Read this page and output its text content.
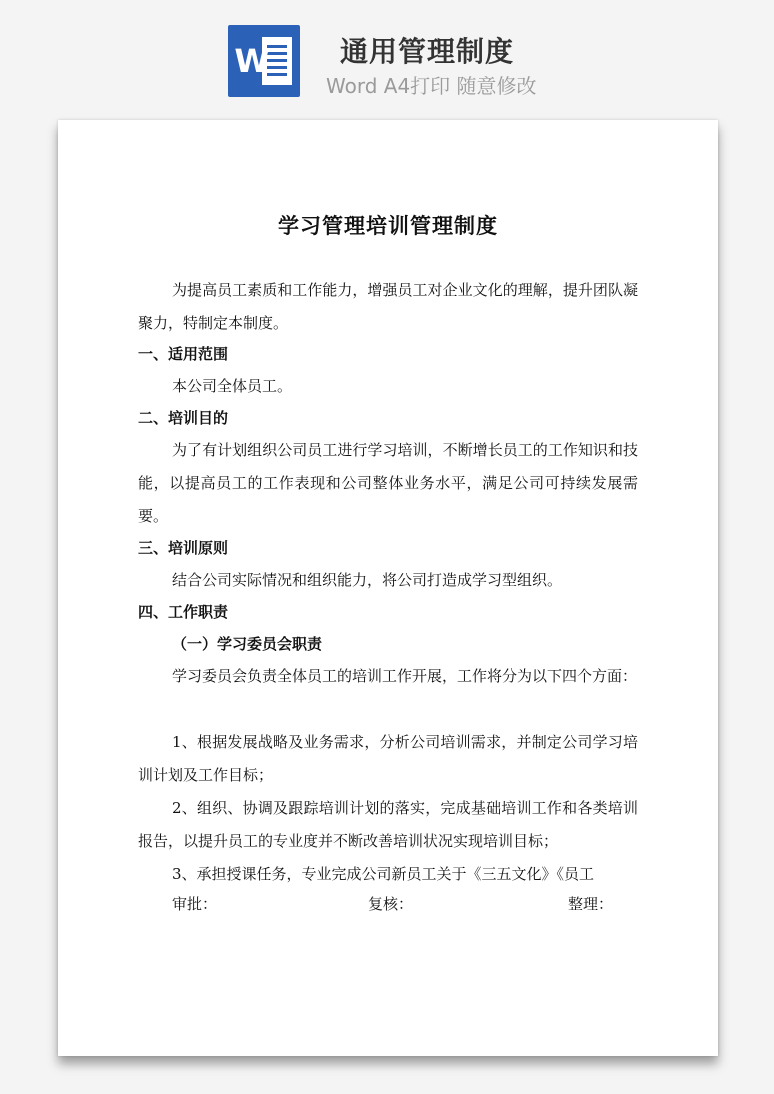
W	通用管理制度
Word A4打印 随意修改
学习管理培训管理制度

为提高员工素质和工作能力，增强员工对企业文化的理解，提升团队凝聚力，特制定本制度。

一、适用范围
本公司全体员工。
二、培训目的

为了有计划组织公司员工进行学习培训，不断增长员工的工作知识和技能，以提高员工的工作表现和公司整体业务水平，满足公司可持续发展需要。

三、培训原则
结合公司实际情况和组织能力，将公司打造成学习型组织。
四、工作职责
（一）学习委员会职责

学习委员会负责全体员工的培训工作开展，工作将分为以下四个方面：

1、根据发展战略及业务需求，分析公司培训需求，并制定公司学习培训计划及工作目标；

2、组织、协调及跟踪培训计划的落实，完成基础培训工作和各类培训报告，以提升员工的专业度并不断改善培训状况实现培训目标；

3、承担授课任务，专业完成公司新员工关于《三五文化》《员工

审批：	复核：	整理：
